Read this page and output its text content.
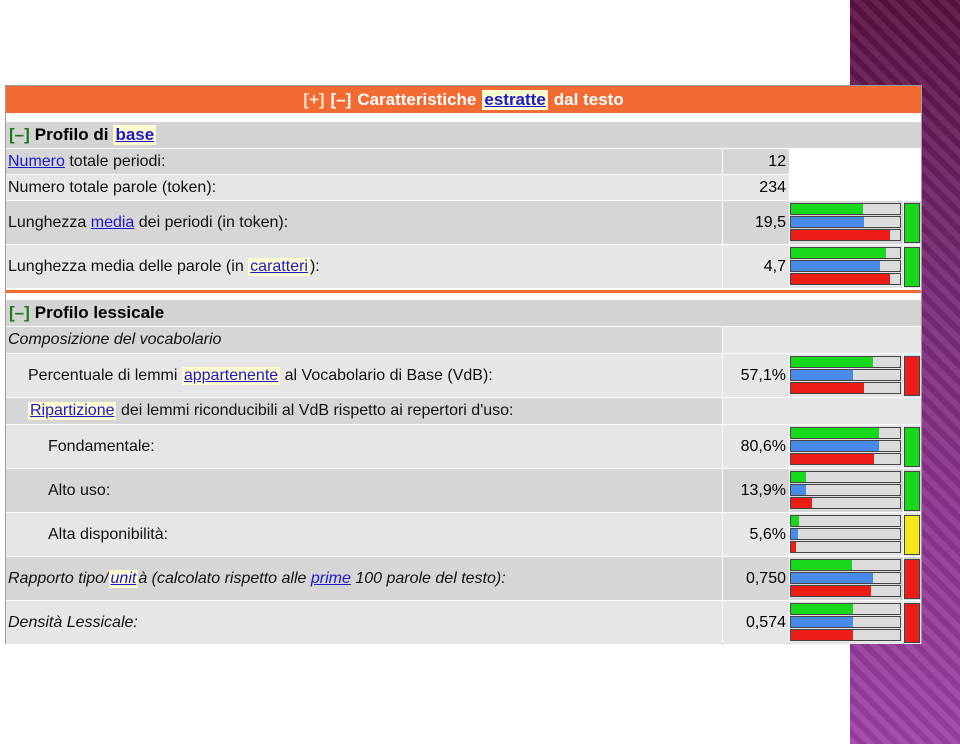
[+] [–] Caratteristiche estratte dal testo
[–] Profilo di base
Numero
totale periodi:	12
Numero totale parole (token):	234
Lunghezza
media
dei periodi (in token):	19,5
Lunghezza media delle parole (in
caratteri ):	4,7
[–] Profilo lessicale
Composizione del vocabolario
Percentuale di lemmi
appartenente
al Vocabolario di Base (VdB):	57,1%
Ripartizione
dei lemmi riconducibili al VdB rispetto ai repertori d'uso:
Fondamentale:	80,6%
Alto uso:	13,9%
Alta disponibilità:	5,6%
Rapporto tipo/ unit à (calcolato rispetto alle
prime
100 parole del testo):	0,750
Densità Lessicale:	0,574
